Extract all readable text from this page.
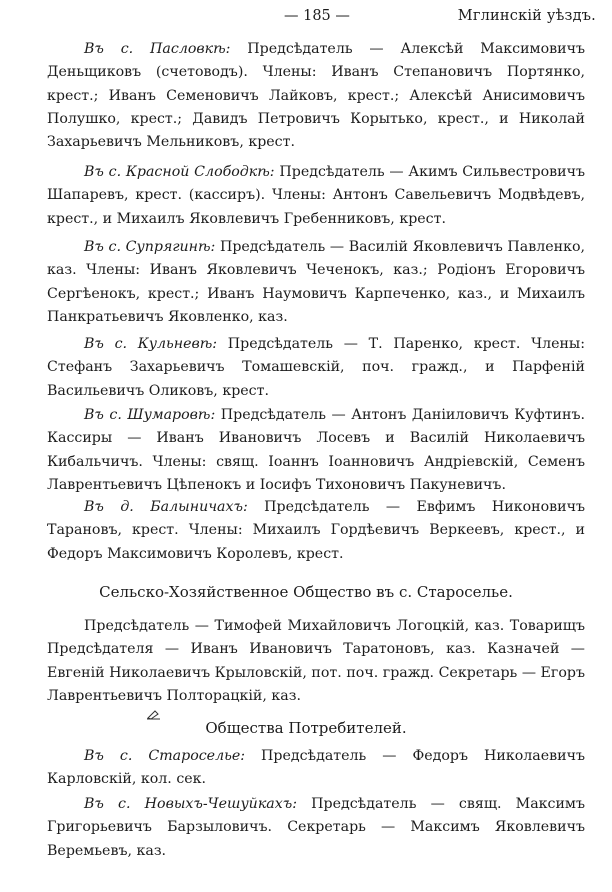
— 185 —	Мглинскій уѣздъ.

Въ с. Пасловкѣ: Предсѣдатель — Алексѣй Максимовичъ Деньщиковъ (счетоводъ). Члены: Иванъ Степановичъ Портянко, крест.; Иванъ Семеновичъ Лайковъ, крест.; Алексѣй Анисимовичъ Полушко, крест.; Давидъ Петровичъ Корытько, крест., и Николай Захарьевичъ Мельниковъ, крест.

Въ с. Красной Слободкѣ: Предсѣдатель — Акимъ Сильвестровичъ Шапаревъ, крест. (кассиръ). Члены: Антонъ Савельевичъ Модвѣдевъ, крест., и Михаилъ Яковлевичъ Гребенниковъ, крест.

Въ с. Супрягинѣ: Предсѣдатель — Василій Яковлевичъ Павленко, каз. Члены: Иванъ Яковлевичъ Чеченокъ, каз.; Родіонъ Егоровичъ Сергѣенокъ, крест.; Иванъ Наумовичъ Карпеченко, каз., и Михаилъ Панкратьевичъ Яковленко, каз.

Въ с. Кульневѣ: Предсѣдатель — Т. Паренко, крест. Члены: Стефанъ Захарьевичъ Томашевскій, поч. гражд., и Парфеній Васильевичъ Оликовъ, крест.

Въ с. Шумаровѣ: Предсѣдатель — Антонъ Даніиловичъ Куфтинъ. Кассиры — Иванъ Ивановичъ Лосевъ и Василій Николаевичъ Кибальчичъ. Члены: свящ. Іоаннъ Іоанновичъ Андріевскій, Семенъ Лаврентьевичъ Цѣпенокъ и Іосифъ Тихоновичъ Пакуневичъ.

Въ д. Балыничахъ: Предсѣдатель — Евфимъ Никоновичъ Тарановъ, крест. Члены: Михаилъ Гордѣевичъ Веркеевъ, крест., и Федоръ Максимовичъ Королевъ, крест.

Сельско-Хозяйственное Общество въ с. Староселье.

Предсѣдатель — Тимофей Михайловичъ Логоцкій, каз. Товарищъ Предсѣдателя — Иванъ Ивановичъ Таратоновъ, каз. Казначей — Евгеній Николаевичъ Крыловскій, пот. поч. гражд. Секретарь — Егоръ Лаврентьевичъ Полторацкій, каз.

Общества Потребителей.

Въ с. Староселье: Предсѣдатель — Федоръ Николаевичъ Карловскій, кол. сек.

Въ с. Новыхъ-Чешуйкахъ: Предсѣдатель — свящ. Максимъ Григорьевичъ Барзыловичъ. Секретарь — Максимъ Яковлевичъ Веремьевъ, каз.
